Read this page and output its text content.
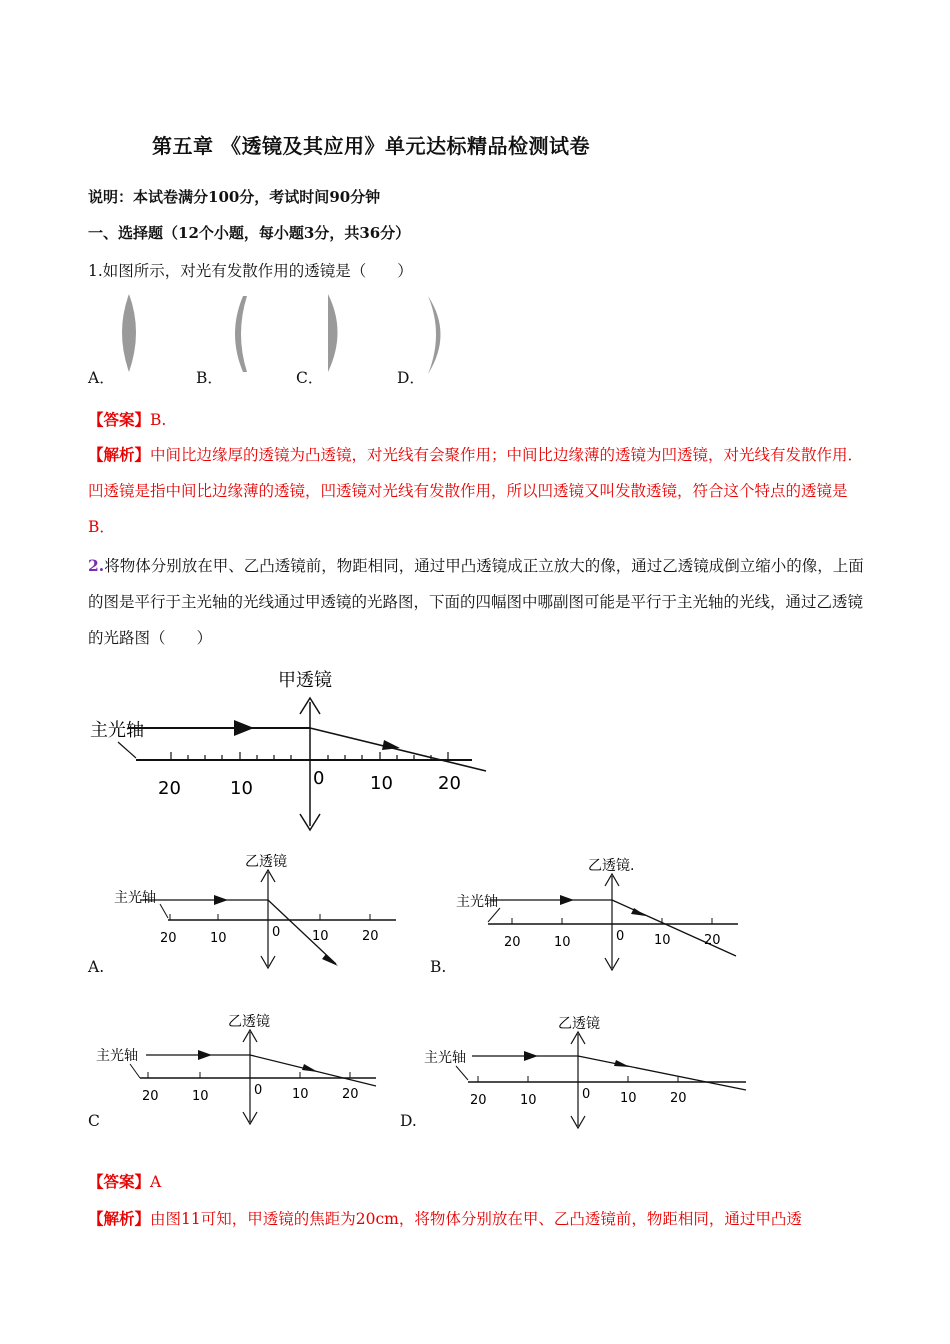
第五章 《透镜及其应用》单元达标精品检测试卷
说明：本试卷满分100分，考试时间90分钟
一、选择题（12个小题，每小题3分，共36分）
1.如图所示，对光有发散作用的透镜是（　　）
A．	B．	C．	D．
【答案】B.
【解析】中间比边缘厚的透镜为凸透镜，对光线有会聚作用；中间比边缘薄的透镜为凹透镜，对光线有发散作用．凹透镜是指中间比边缘薄的透镜，凹透镜对光线有发散作用，所以凹透镜又叫发散透镜，符合这个特点的透镜是B．
2.将物体分别放在甲、乙凸透镜前，物距相同，通过甲凸透镜成正立放大的像，通过乙透镜成倒立缩小的像，上面的图是平行于主光轴的光线通过甲透镜的光路图，下面的四幅图中哪副图可能是平行于主光轴的光线，通过乙透镜的光路图（　　）
甲透镜
主光轴
20	10	0	10	20
乙透镜
主光轴
20	10	0 10	20
A.
乙透镜.
主光轴
20	10	0 10	20
B.
乙透镜
主光轴
20	10	0 10	20
C
乙透镜
主光轴
20	10	0 10	20
D.
【答案】A
【解析】由图11可知，甲透镜的焦距为20cm，将物体分别放在甲、乙凸透镜前，物距相同，通过甲凸透
